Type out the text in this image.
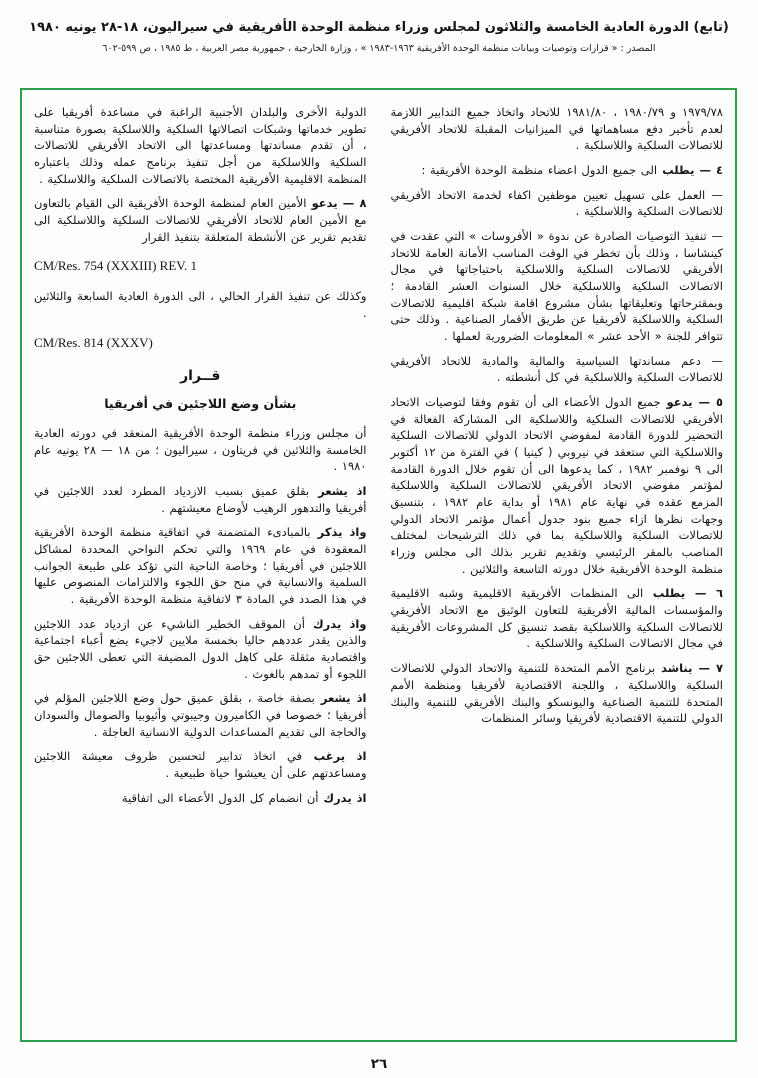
(تابع) الدورة العادية الخامسة والثلاثون لمجلس وزراء منظمة الوحدة الأفريقية في سيراليون، ١٨-٢٨ يونيه ١٩٨٠
المصدر : « قرارات وتوصيات وبيانات منظمة الوحدة الأفريقية ١٩٦٣-١٩٨٣ » ، وزارة الخارجية ، جمهورية مصر العربية ، ط ١٩٨٥ ، ص ٥٩٩-٦٠٢
١٩٧٩/٧٨ و ١٩٨٠/٧٩ ، ١٩٨١/٨٠ للاتحاد واتخاذ جميع التدابير اللازمة لعدم تأخير دفع مساهماتها في الميزانيات المقبلة للاتحاد الأفريقي للاتصالات السلكية واللاسلكية .
٤ — يطلب الى جميع الدول اعضاء منظمة الوحدة الأفريقية :
— العمل على تسهيل تعيين موظفين اكفاء لخدمة الاتحاد الأفريقي للاتصالات السلكية واللاسلكية .
— تنفيذ التوصيات الصادرة عن ندوة « الأفروسات » التي عقدت في كينشاسا ، وذلك بأن تخطر في الوقت المناسب الأمانة العامة للاتحاد الأفريقي للاتصالات السلكية واللاسلكية باحتياجاتها في مجال الاتصالات السلكية واللاسلكية خلال السنوات العشر القادمة ؛ وبمقترحاتها وتعليقاتها بشأن مشروع اقامة شبكة اقليمية للاتصالات السلكية واللاسلكية لأفريقيا عن طريق الأقمار الصناعية . وذلك حتى تتوافر للجنة « الأحد عشر » المعلومات الضرورية لعملها .
— دعم مساندتها السياسية والمالية والمادية للاتحاد الأفريقي للاتصالات السلكية واللاسلكية في كل أنشطته .
٥ — يدعو جميع الدول الأعضاء الى أن تقوم وفقا لتوصيات الاتحاد الأفريقي للاتصالات السلكية واللاسلكية الى المشاركة الفعالة في التحضير للدورة القادمة لمفوضي الاتحاد الدولي للاتصالات السلكية واللاسلكية التي ستعقد في نيروبي ( كينيا ) في الفترة من ١٢ أكتوبر الى ٩ نوفمبر ١٩٨٢ ، كما يدعوها الى أن تقوم خلال الدورة القادمة لمؤتمر مفوضي الاتحاد الأفريقي للاتصالات السلكية واللاسلكية المزمع عقده في نهاية عام ١٩٨١ أو بداية عام ١٩٨٢ ، بتنسيق وجهات نظرها ازاء جميع بنود جدول أعمال مؤتمر الاتحاد الدولي للاتصالات السلكية واللاسلكية بما في ذلك الترشيحات لمختلف المناصب بالمقر الرئيسي وتقديم تقرير بذلك الى مجلس وزراء منظمة الوحدة الأفريقية خلال دورته التاسعة والثلاثين .
٦ — يطلب الى المنظمات الأفريقية الاقليمية وشبه الاقليمية والمؤسسات المالية الأفريقية للتعاون الوثيق مع الاتحاد الأفريقي للاتصالات السلكية واللاسلكية بقصد تنسيق كل المشروعات الأفريقية في مجال الاتصالات السلكية واللاسلكية .
٧ — يناشد برنامج الأمم المتحدة للتنمية والاتحاد الدولي للاتصالات السلكية واللاسلكية ، واللجنة الاقتصادية لأفريقيا ومنظمة الأمم المتحدة للتنمية الصناعية واليونسكو والبنك الأفريقي للتنمية والبنك الدولي للتنمية الاقتصادية لأفريقيا وسائر المنظمات
الدولية الأخرى والبلدان الأجنبية الراغبة في مساعدة أفريقيا على تطوير خدماتها وشبكات اتصالاتها السلكية واللاسلكية بصورة متناسبة ، أن تقدم مساندتها ومساعدتها الى الاتحاد الأفريقي للاتصالات السلكية واللاسلكية من أجل تنفيذ برنامج عمله وذلك باعتباره المنظمة الاقليمية الأفريقية المختصة بالاتصالات السلكية واللاسلكية .
٨ — يدعو الأمين العام لمنظمة الوحدة الأفريقية الى القيام بالتعاون مع الأمين العام للاتحاد الأفريقي للاتصالات السلكية واللاسلكية الى تقديم تقرير عن الأنشطة المتعلقة بتنفيذ القرار
CM/Res. 754 (XXXIII) REV. 1
وكذلك عن تنفيذ القرار الحالي ، الى الدورة العادية السابعة والثلاثين .
CM/Res. 814 (XXXV)
قــرار
بشأن وضع اللاجئين في أفريقيا
أن مجلس وزراء منظمة الوحدة الأفريقية المنعقد في دورته العادية الخامسة والثلاثين في فريتاون ، سيراليون ؛ من ١٨ — ٢٨ يونيه عام ١٩٨٠ .
اذ يشعر بقلق عميق بسبب الازدياد المطرد لعدد اللاجئين في أفريقيا والتدهور الرهيب لأوضاع معيشتهم .
واذ يذكر بالمبادىء المتضمنة في اتفاقية منظمة الوحدة الأفريقية المعقودة في عام ١٩٦٩ والتي تحكم النواحي المحددة لمشاكل اللاجئين في أفريقيا ؛ وخاصة الناحية التي تؤكد على طبيعة الجوانب السلمية والانسانية في منح حق اللجوء والالتزامات المنصوص عليها في هذا الصدد في المادة ٣ لاتفاقية منظمة الوحدة الأفريقية .
واذ يدرك أن الموقف الخطير الناشيء عن ازدياد عدد اللاجئين والذين يقدر عددهم حاليا بخمسة ملايين لاجيء يضع أعباء اجتماعية واقتصادية مثقلة على كاهل الدول المضيفة التي تعطى اللاجئين حق اللجوء أو تمدهم بالغوث .
اذ يشعر بصفة خاصة ، بقلق عميق حول وضع اللاجئين المؤلم في أفريقيا ؛ خصوصا في الكاميرون وجيبوتي وأثيوبيا والصومال والسودان والحاجة الى تقديم المساعدات الدولية الانسانية العاجلة .
اذ يرغب في اتخاذ تدابير لتحسين ظروف معيشة اللاجئين ومساعدتهم على أن يعيشوا حياة طبيعية .
اذ يدرك أن انضمام كل الدول الأعضاء الى اتفاقية
٢٦
